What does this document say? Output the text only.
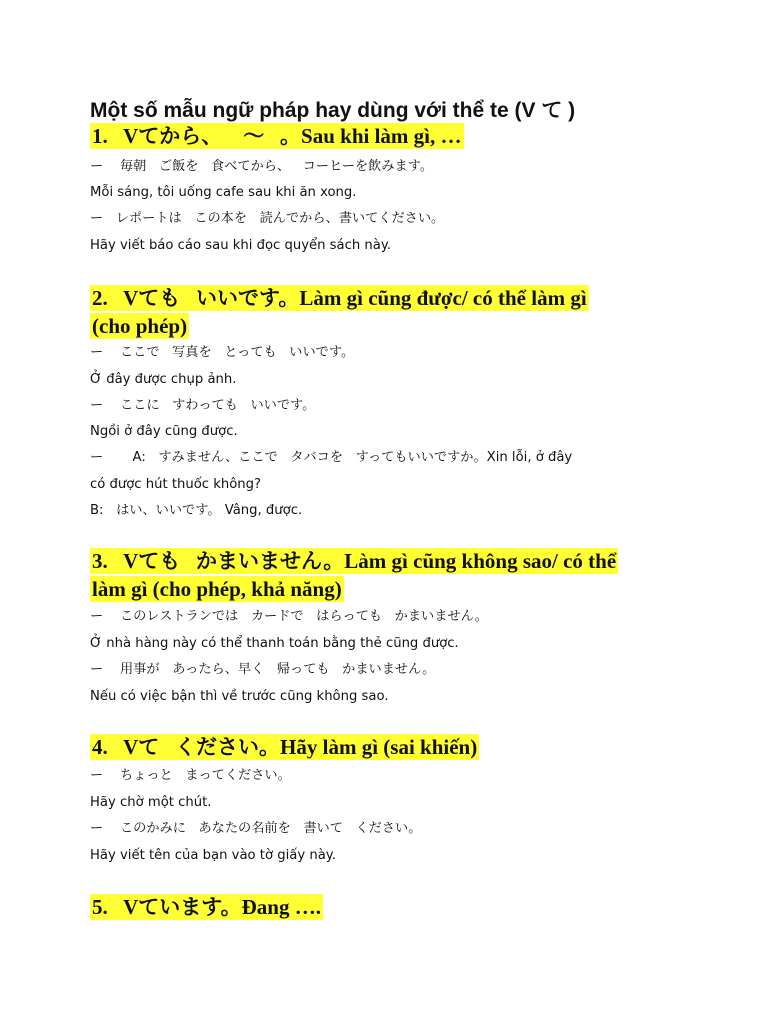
Một số mẫu ngữ pháp hay dùng với thể te (V て )
1.   Vてから、    ～   。Sau khi làm gì, …
ー    毎朝   ご飯を   食べてから、   コーヒーを飲みます。
Mỗi sáng, tôi uống cafe sau khi ăn xong.
ー   レポートは   この本を   読んでから、書いてください。
Hãy viết báo cáo sau khi đọc quyển sách này.
2.   Vても   いいです。Làm gì cũng được/ có thể làm gì
(cho phép)
ー    ここで   写真を   とっても   いいです。
Ở đây được chụp ảnh.
ー    ここに   すわっても   いいです。
Ngồi ở đây cũng được.
ー       A:   すみません、ここで   タバコを   すってもいいですか。Xin lỗi, ở đây
có được hút thuốc không?
B:   はい、いいです。 Vâng, được.
3.   Vても   かまいません。Làm gì cũng không sao/ có thể
làm gì (cho phép, khả năng)
ー    このレストランでは   カードで   はらっても   かまいません。
Ở nhà hàng này có thể thanh toán bằng thẻ cũng được.
ー    用事が   あったら、早く   帰っても   かまいません。
Nếu có việc bận thì về trước cũng không sao.
4.   Vて   ください。Hãy làm gì (sai khiến)
ー    ちょっと   まってください。
Hãy chờ một chút.
ー    このかみに   あなたの名前を   書いて   ください。
Hãy viết tên của bạn vào tờ giấy này.
5.   Vています。Đang ….
